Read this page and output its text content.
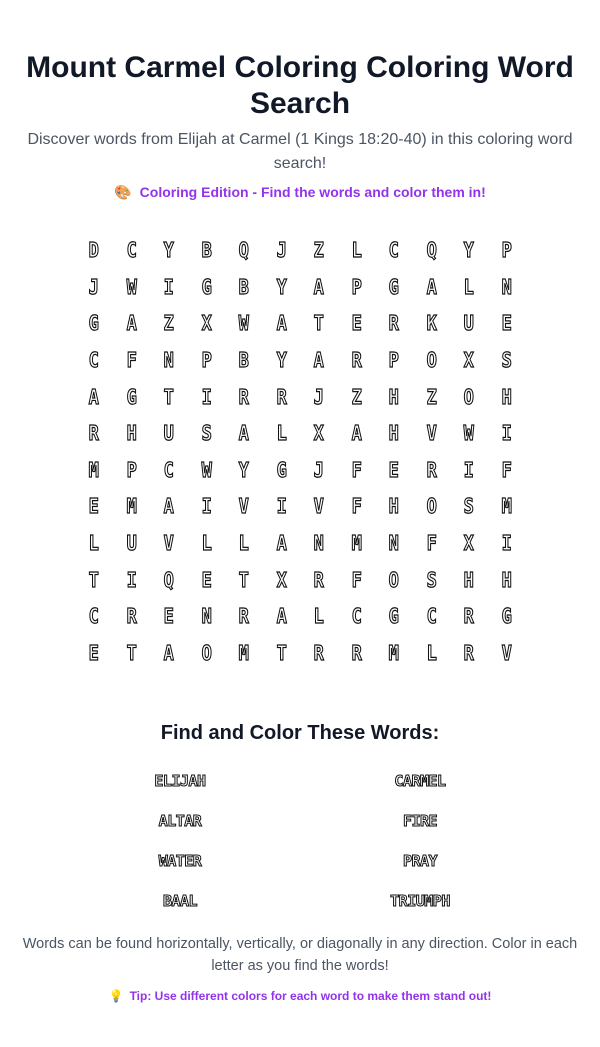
Mount Carmel Coloring Coloring Word Search
Discover words from Elijah at Carmel (1 Kings 18:20-40) in this coloring word search!
🎨 Coloring Edition - Find the words and color them in!
D	C	Y	B	Q	J	Z	L	C	Q	Y	P
J	W	I	G	B	Y	A	P	G	A	L	N
G	A	Z	X	W	A	T	E	R	K	U	E
C	F	N	P	B	Y	A	R	P	O	X	S
A	G	T	I	R	R	J	Z	H	Z	O	H
R	H	U	S	A	L	X	A	H	V	W	I
M	P	C	W	Y	G	J	F	E	R	I	F
E	M	A	I	V	I	V	F	H	O	S	M
L	U	V	L	L	A	N	M	N	F	X	I
T	I	Q	E	T	X	R	F	O	S	H	H
C	R	E	N	R	A	L	C	G	C	R	G
E	T	A	O	M	T	R	R	M	L	R	V
Find and Color These Words:
ELIJAH	CARMEL
ALTAR	FIRE
WATER	PRAY
BAAL	TRIUMPH
Words can be found horizontally, vertically, or diagonally in any direction. Color in each letter as you find the words!
💡 Tip: Use different colors for each word to make them stand out!
